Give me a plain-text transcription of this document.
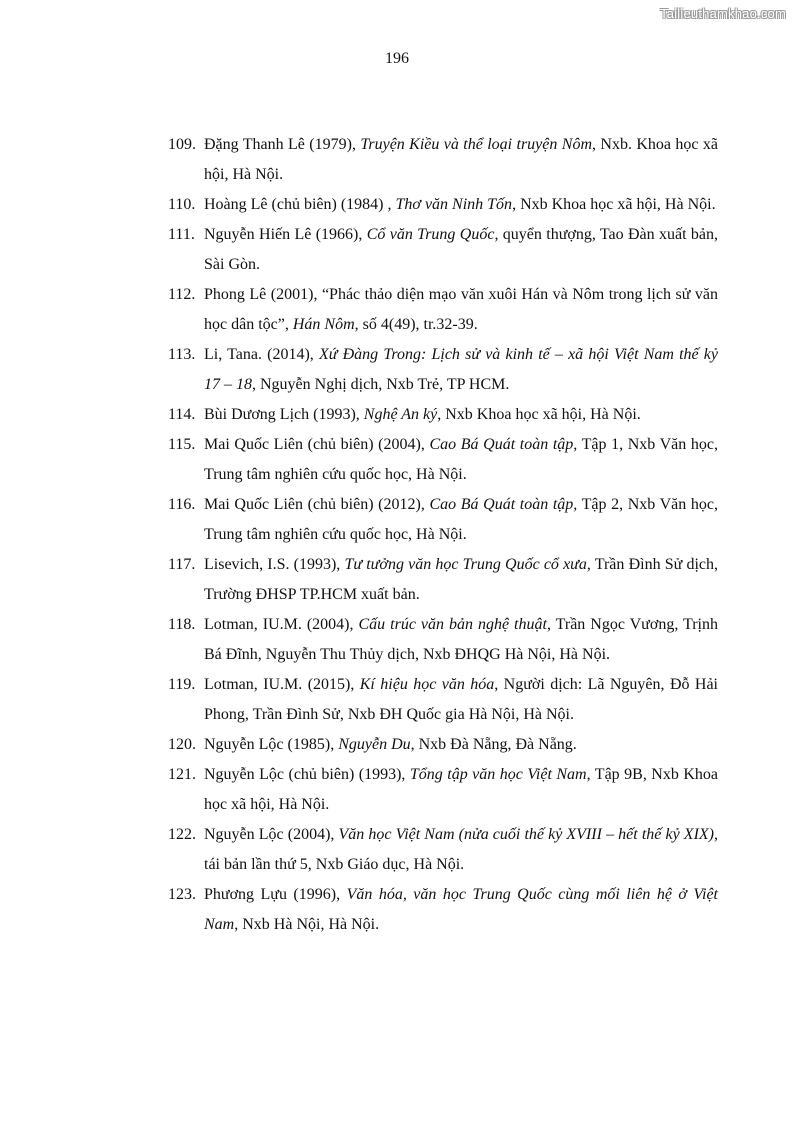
Tailieuthamkhao.com
196

109. Đặng Thanh Lê (1979), Truyện Kiều và thể loại truyện Nôm, Nxb. Khoa học xã hội, Hà Nội.

110. Hoàng Lê (chủ biên) (1984) , Thơ văn Ninh Tốn, Nxb Khoa học xã hội, Hà Nội.

111. Nguyễn Hiến Lê (1966), Cổ văn Trung Quốc, quyển thượng, Tao Đàn xuất bản, Sài Gòn.

112. Phong Lê (2001), “Phác thảo diện mạo văn xuôi Hán và Nôm trong lịch sử văn học dân tộc”, Hán Nôm, số 4(49), tr.32-39.

113. Li, Tana. (2014), Xứ Đàng Trong: Lịch sử và kinh tế – xã hội Việt Nam thế kỷ 17 – 18, Nguyễn Nghị dịch, Nxb Trẻ, TP HCM.

114. Bùi Dương Lịch (1993), Nghệ An ký, Nxb Khoa học xã hội, Hà Nội.

115. Mai Quốc Liên (chủ biên) (2004), Cao Bá Quát toàn tập, Tập 1, Nxb Văn học, Trung tâm nghiên cứu quốc học, Hà Nội.

116. Mai Quốc Liên (chủ biên) (2012), Cao Bá Quát toàn tập, Tập 2, Nxb Văn học, Trung tâm nghiên cứu quốc học, Hà Nội.

117. Lisevich, I.S. (1993), Tư tưởng văn học Trung Quốc cổ xưa, Trần Đình Sử dịch, Trường ĐHSP TP.HCM xuất bản.

118. Lotman, IU.M. (2004), Cấu trúc văn bản nghệ thuật, Trần Ngọc Vương, Trịnh Bá Đĩnh, Nguyễn Thu Thủy dịch, Nxb ĐHQG Hà Nội, Hà Nội.

119. Lotman, IU.M. (2015), Kí hiệu học văn hóa, Người dịch: Lã Nguyên, Đỗ Hải Phong, Trần Đình Sử, Nxb ĐH Quốc gia Hà Nội, Hà Nội.

120. Nguyễn Lộc (1985), Nguyễn Du, Nxb Đà Nẵng, Đà Nẵng.

121. Nguyễn Lộc (chủ biên) (1993), Tổng tập văn học Việt Nam, Tập 9B, Nxb Khoa học xã hội, Hà Nội.

122. Nguyễn Lộc (2004), Văn học Việt Nam (nửa cuối thế kỷ XVIII – hết thế kỷ XIX), tái bản lần thứ 5, Nxb Giáo dục, Hà Nội.

123. Phương Lựu (1996), Văn hóa, văn học Trung Quốc cùng mối liên hệ ở Việt Nam, Nxb Hà Nội, Hà Nội.
